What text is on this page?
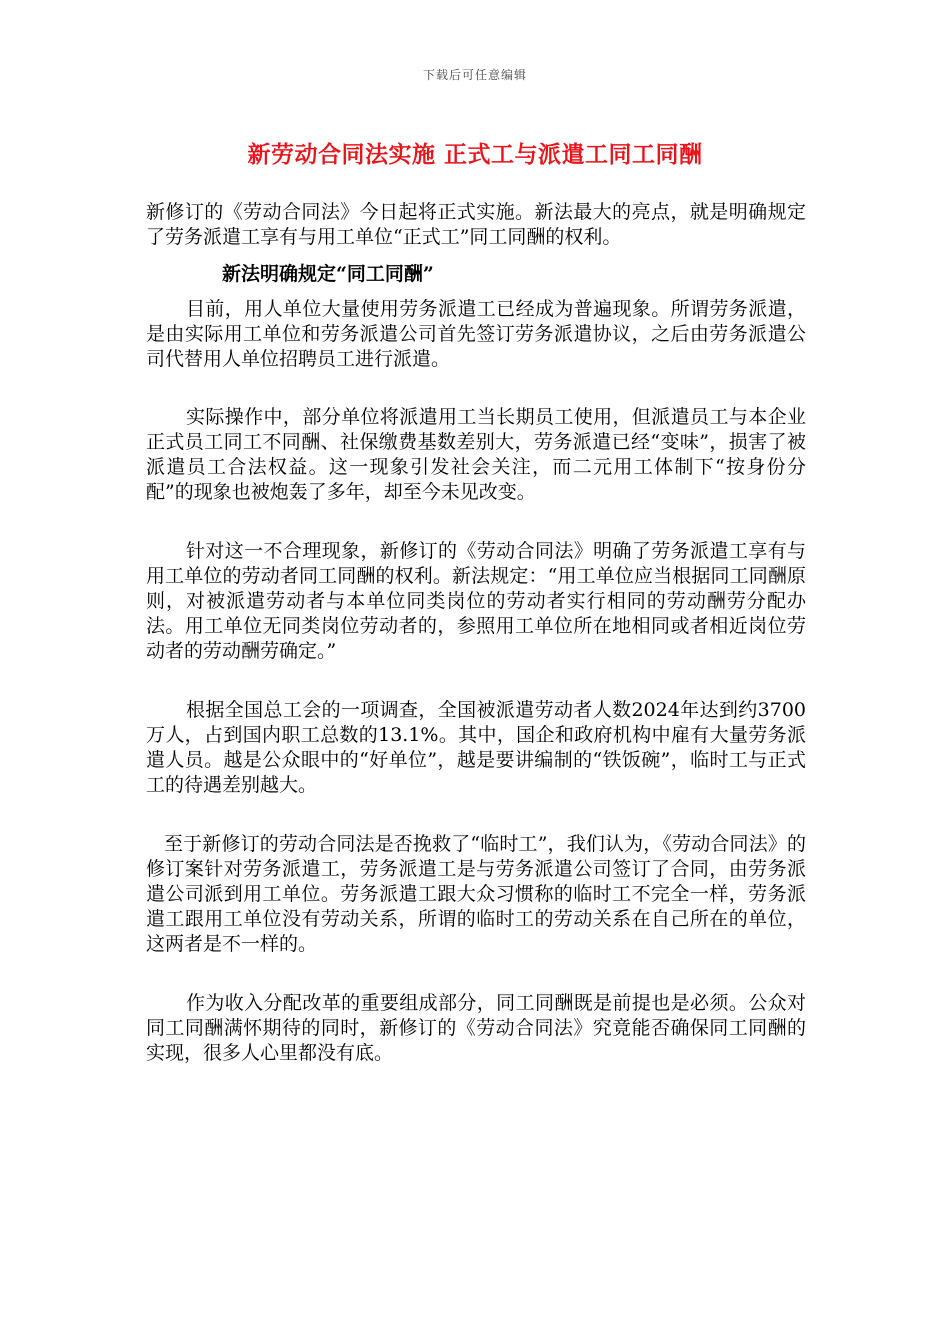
下载后可任意编辑
新劳动合同法实施 正式工与派遣工同工同酬

新修订的《劳动合同法》今日起将正式实施。新法最大的亮点，就是明确规定了劳务派遣工享有与用工单位“正式工”同工同酬的权利。

新法明确规定“同工同酬”

目前，用人单位大量使用劳务派遣工已经成为普遍现象。所谓劳务派遣，是由实际用工单位和劳务派遣公司首先签订劳务派遣协议，之后由劳务派遣公司代替用人单位招聘员工进行派遣。

实际操作中，部分单位将派遣用工当长期员工使用，但派遣员工与本企业正式员工同工不同酬、社保缴费基数差别大，劳务派遣已经“变味”，损害了被派遣员工合法权益。这一现象引发社会关注，而二元用工体制下“按身份分配”的现象也被炮轰了多年，却至今未见改变。

针对这一不合理现象，新修订的《劳动合同法》明确了劳务派遣工享有与用工单位的劳动者同工同酬的权利。新法规定：“用工单位应当根据同工同酬原则，对被派遣劳动者与本单位同类岗位的劳动者实行相同的劳动酬劳分配办法。用工单位无同类岗位劳动者的，参照用工单位所在地相同或者相近岗位劳动者的劳动酬劳确定。”

根据全国总工会的一项调查，全国被派遣劳动者人数2024年达到约3700万人，占到国内职工总数的13.1%。其中，国企和政府机构中雇有大量劳务派遣人员。越是公众眼中的“好单位”，越是要讲编制的“铁饭碗”，临时工与正式工的待遇差别越大。

至于新修订的劳动合同法是否挽救了“临时工”，我们认为，《劳动合同法》的修订案针对劳务派遣工，劳务派遣工是与劳务派遣公司签订了合同，由劳务派遣公司派到用工单位。劳务派遣工跟大众习惯称的临时工不完全一样，劳务派遣工跟用工单位没有劳动关系，所谓的临时工的劳动关系在自己所在的单位，这两者是不一样的。

作为收入分配改革的重要组成部分，同工同酬既是前提也是必须。公众对同工同酬满怀期待的同时，新修订的《劳动合同法》究竟能否确保同工同酬的实现，很多人心里都没有底。
